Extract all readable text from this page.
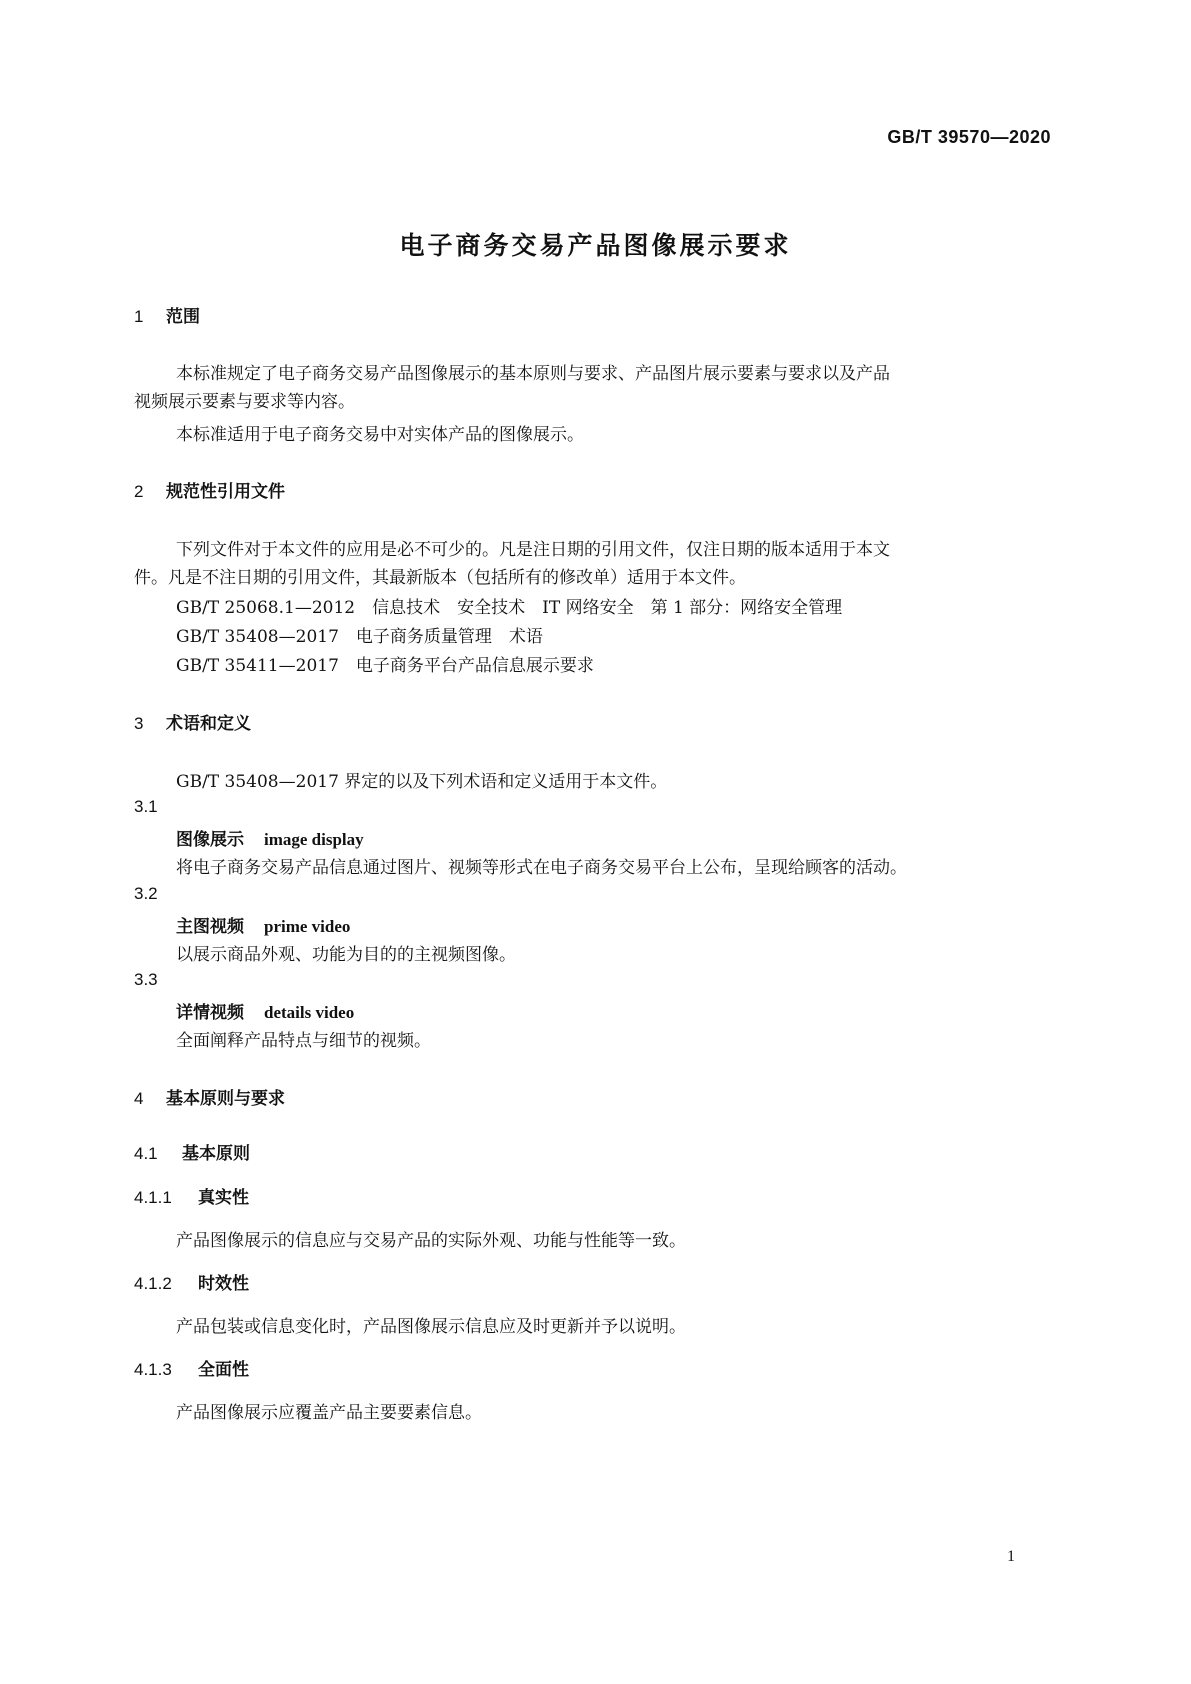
GB/T 39570—2020
电子商务交易产品图像展示要求
1 范围
本标准规定了电子商务交易产品图像展示的基本原则与要求、产品图片展示要素与要求以及产品
视频展示要素与要求等内容。
本标准适用于电子商务交易中对实体产品的图像展示。
2 规范性引用文件
下列文件对于本文件的应用是必不可少的。凡是注日期的引用文件，仅注日期的版本适用于本文
件。凡是不注日期的引用文件，其最新版本（包括所有的修改单）适用于本文件。
GB/T 25068.1—2012　信息技术　安全技术　IT 网络安全　第 1 部分：网络安全管理
GB/T 35408—2017　电子商务质量管理　术语
GB/T 35411—2017　电子商务平台产品信息展示要求
3 术语和定义
GB/T 35408—2017 界定的以及下列术语和定义适用于本文件。
3.1
图像展示 image display
将电子商务交易产品信息通过图片、视频等形式在电子商务交易平台上公布，呈现给顾客的活动。
3.2
主图视频 prime video
以展示商品外观、功能为目的的主视频图像。
3.3
详情视频 details video
全面阐释产品特点与细节的视频。
4 基本原则与要求
4.1 基本原则
4.1.1 真实性
产品图像展示的信息应与交易产品的实际外观、功能与性能等一致。
4.1.2 时效性
产品包装或信息变化时，产品图像展示信息应及时更新并予以说明。
4.1.3 全面性
产品图像展示应覆盖产品主要要素信息。
1
